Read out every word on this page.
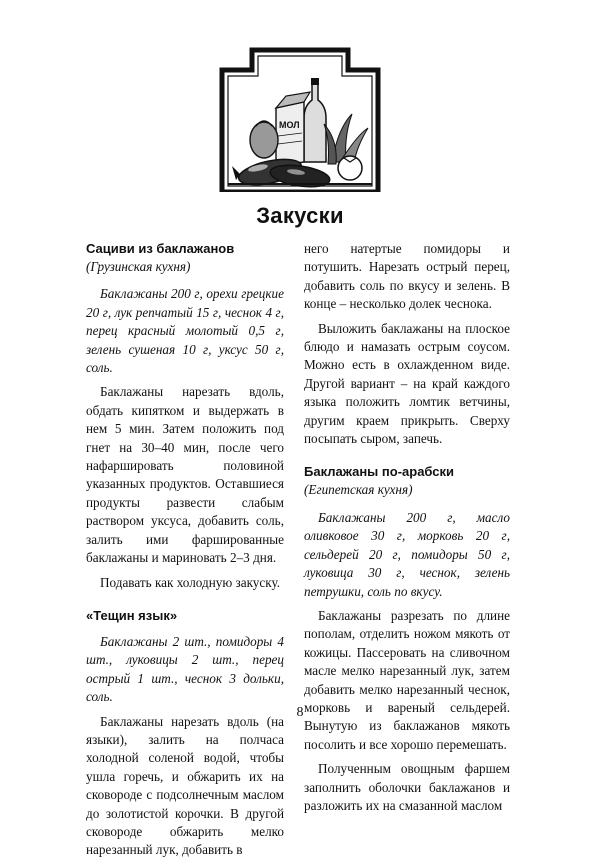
МОЛ
Закуски

Сациви из баклажанов

(Грузинская кухня)

Баклажаны 200 г, орехи грецкие 20 г, лук репчатый 15 г, чеснок 4 г, перец красный молотый 0,5 г, зелень сушеная 10 г, уксус 50 г, соль.

Баклажаны нарезать вдоль, обдать кипятком и выдержать в нем 5 мин. Затем положить под гнет на 30–40 мин, после чего нафаршировать половиной указанных продуктов. Оставшиеся продукты развести слабым раствором уксуса, добавить соль, залить ими фаршированные баклажаны и мариновать 2–3 дня.

Подавать как холодную закуску.

«Тещин язык»

Баклажаны 2 шт., помидоры 4 шт., луковицы 2 шт., перец острый 1 шт., чеснок 3 дольки, соль.

Баклажаны нарезать вдоль (на языки), залить на полчаса холодной соленой водой, чтобы ушла горечь, и обжарить их на сковороде с подсолнечным маслом до золотистой корочки. В другой сковороде обжарить мелко нарезанный лук, добавить в

него натертые помидоры и потушить. Нарезать острый перец, добавить соль по вкусу и зелень. В конце – несколько долек чеснока.

Выложить баклажаны на плоское блюдо и намазать острым соусом. Можно есть в охлажденном виде. Другой вариант – на край каждого языка положить ломтик ветчины, другим краем прикрыть. Сверху посыпать сыром, запечь.

Баклажаны по-арабски

(Египетская кухня)

Баклажаны 200 г, масло оливковое 30 г, морковь 20 г, сельдерей 20 г, помидоры 50 г, луковица 30 г, чеснок, зелень петрушки, соль по вкусу.

Баклажаны разрезать по длине пополам, отделить ножом мякоть от кожицы. Пассеровать на сливочном масле мелко нарезанный лук, затем добавить мелко нарезанный чеснок, морковь и вареный сельдерей. Вынутую из баклажанов мякоть посолить и все хорошо перемешать.

Полученным овощным фаршем заполнить оболочки баклажанов и разложить их на смазанной маслом

8
